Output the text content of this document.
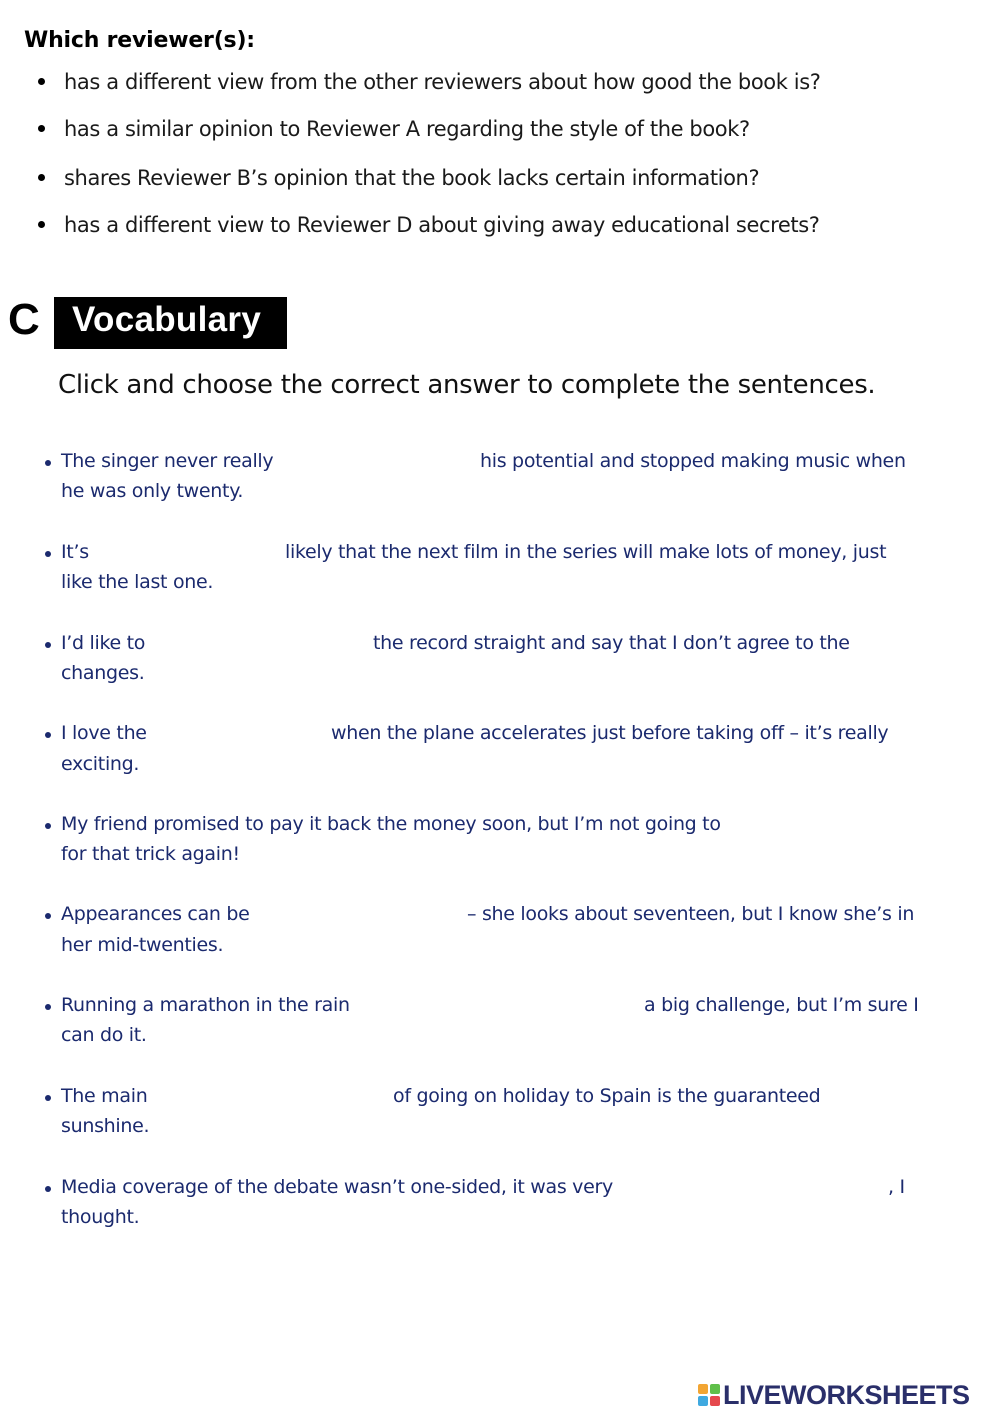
Which reviewer(s):
has a different view from the other reviewers about how good the book is?
has a similar opinion to Reviewer A regarding the style of the book?
shares Reviewer B’s opinion that the book lacks certain information?
has a different view to Reviewer D about giving away educational secrets?
C Vocabulary
Click and choose the correct answer to complete the sentences.
The singer never really	his potential and stopped making music when
he was only twenty.
It’s	likely that the next film in the series will make lots of money, just
like the last one.
I’d like to	the record straight and say that I don’t agree to the
changes.
I love the	when the plane accelerates just before taking off – it’s really
exciting.
My friend promised to pay it back the money soon, but I’m not going to
for that trick again!
Appearances can be	– she looks about seventeen, but I know she’s in
her mid-twenties.
Running a marathon in the rain	a big challenge, but I’m sure I
can do it.
The main	of going on holiday to Spain is the guaranteed
sunshine.
Media coverage of the debate wasn’t one-sided, it was very	, I
thought.
LIVEWORKSHEETS
